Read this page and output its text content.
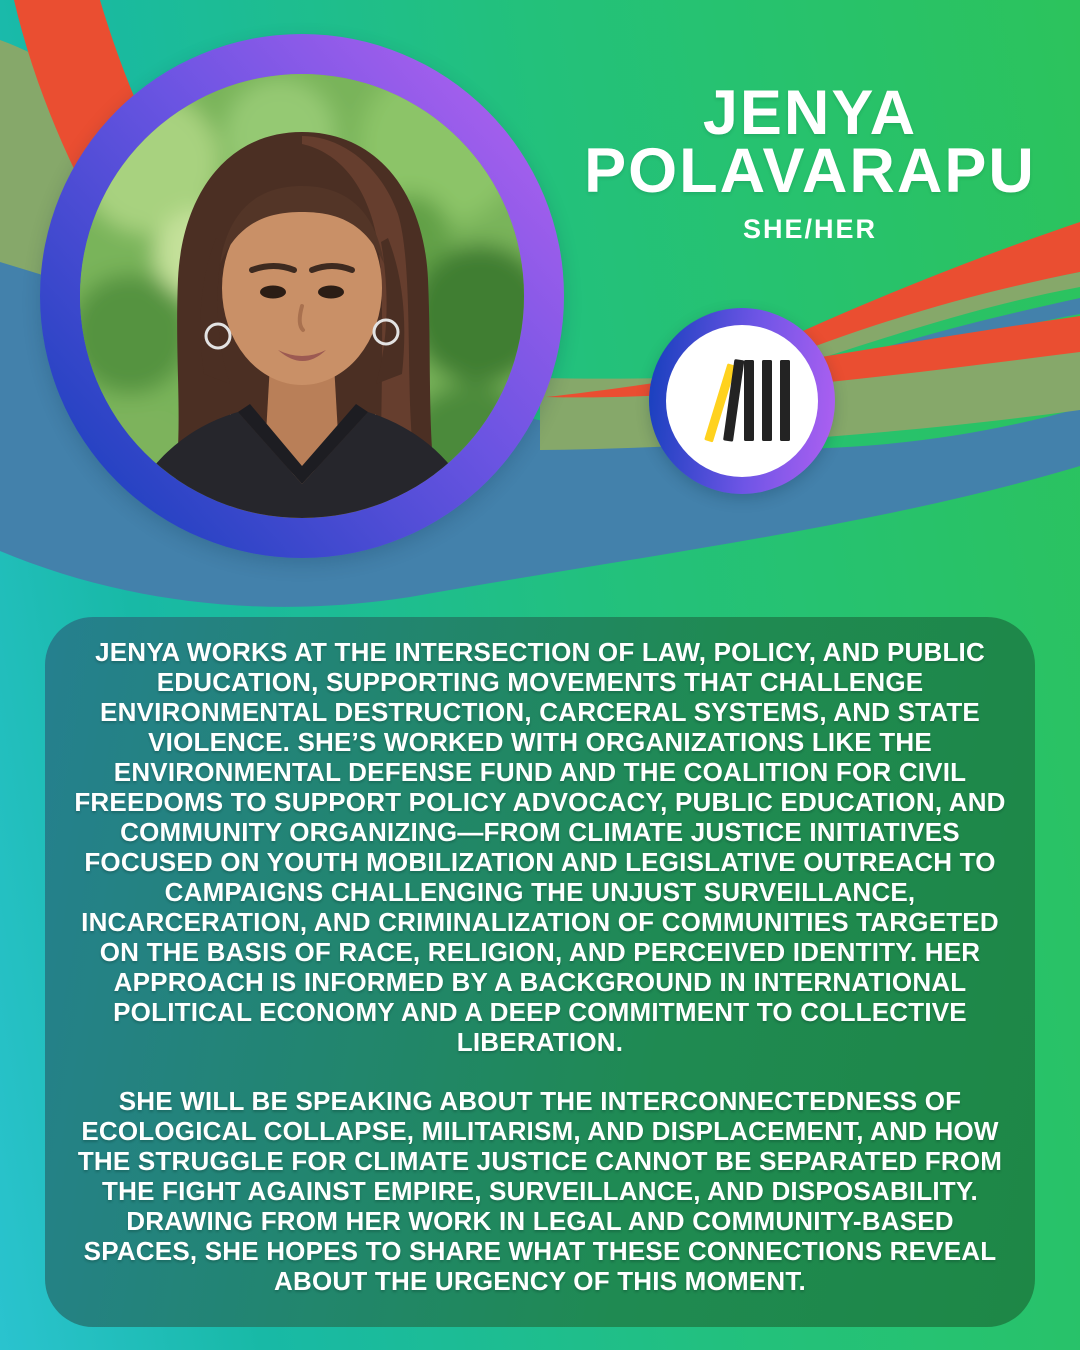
JENYA
POLAVARAPU
SHE/HER

JENYA WORKS AT THE INTERSECTION OF LAW, POLICY, AND PUBLIC EDUCATION, SUPPORTING MOVEMENTS THAT CHALLENGE ENVIRONMENTAL DESTRUCTION, CARCERAL SYSTEMS, AND STATE VIOLENCE. SHE’S WORKED WITH ORGANIZATIONS LIKE THE ENVIRONMENTAL DEFENSE FUND AND THE COALITION FOR CIVIL FREEDOMS TO SUPPORT POLICY ADVOCACY, PUBLIC EDUCATION, AND COMMUNITY ORGANIZING—FROM CLIMATE JUSTICE INITIATIVES FOCUSED ON YOUTH MOBILIZATION AND LEGISLATIVE OUTREACH TO CAMPAIGNS CHALLENGING THE UNJUST SURVEILLANCE, INCARCERATION, AND CRIMINALIZATION OF COMMUNITIES TARGETED ON THE BASIS OF RACE, RELIGION, AND PERCEIVED IDENTITY. HER APPROACH IS INFORMED BY A BACKGROUND IN INTERNATIONAL POLITICAL ECONOMY AND A DEEP COMMITMENT TO COLLECTIVE LIBERATION.

SHE WILL BE SPEAKING ABOUT THE INTERCONNECTEDNESS OF ECOLOGICAL COLLAPSE, MILITARISM, AND DISPLACEMENT, AND HOW THE STRUGGLE FOR CLIMATE JUSTICE CANNOT BE SEPARATED FROM THE FIGHT AGAINST EMPIRE, SURVEILLANCE, AND DISPOSABILITY. DRAWING FROM HER WORK IN LEGAL AND COMMUNITY-BASED SPACES, SHE HOPES TO SHARE WHAT THESE CONNECTIONS REVEAL ABOUT THE URGENCY OF THIS MOMENT.
